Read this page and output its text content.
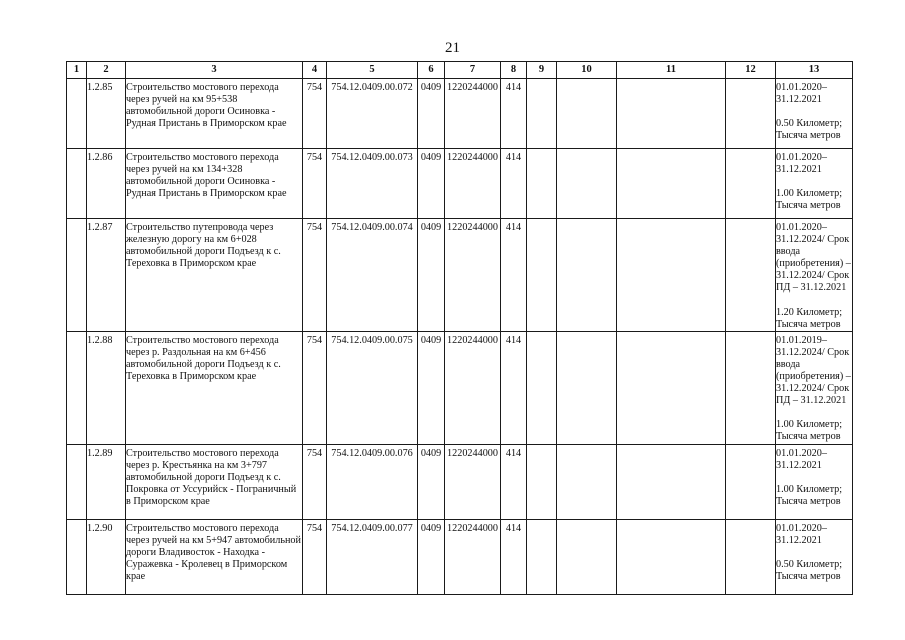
21
1	2	3	4	5	6	7	8	9	10	11	12	13
	1.2.85	Строительство мостового перехода через ручей на км 95+538 автомобильной дороги Осиновка - Рудная Пристань в Приморском крае	754	754.12.0409.00.072	0409	1220244000	414					01.01.2020–31.12.2021
0.50 Километр; Тысяча метров

	1.2.86	Строительство мостового перехода через ручей на км 134+328 автомобильной дороги Осиновка - Рудная Пристань в Приморском крае	754	754.12.0409.00.073	0409	1220244000	414					01.01.2020–31.12.2021
1.00 Километр; Тысяча метров

	1.2.87	Строительство путепровода через железную дорогу на км 6+028 автомобильной дороги Подъезд к с. Тереховка в Приморском крае	754	754.12.0409.00.074	0409	1220244000	414					01.01.2020–31.12.2024/ Срок ввода (приобретения) – 31.12.2024/ Срок ПД – 31.12.2021
1.20 Километр; Тысяча метров

	1.2.88	Строительство мостового перехода через р. Раздольная на км 6+456 автомобильной дороги Подъезд к с. Тереховка в Приморском крае	754	754.12.0409.00.075	0409	1220244000	414					01.01.2019–31.12.2024/ Срок ввода (приобретения) – 31.12.2024/ Срок ПД – 31.12.2021
1.00 Километр; Тысяча метров

	1.2.89	Строительство мостового перехода через р. Крестьянка на км 3+797 автомобильной дороги Подъезд к с. Покровка от Уссурийск - Пограничный в Приморском крае	754	754.12.0409.00.076	0409	1220244000	414					01.01.2020–31.12.2021
1.00 Километр; Тысяча метров

	1.2.90	Строительство мостового перехода через ручей на км 5+947 автомобильной дороги Владивосток - Находка - Суражевка - Кролевец в Приморском крае	754	754.12.0409.00.077	0409	1220244000	414					01.01.2020–31.12.2021
0.50 Километр; Тысяча метров
